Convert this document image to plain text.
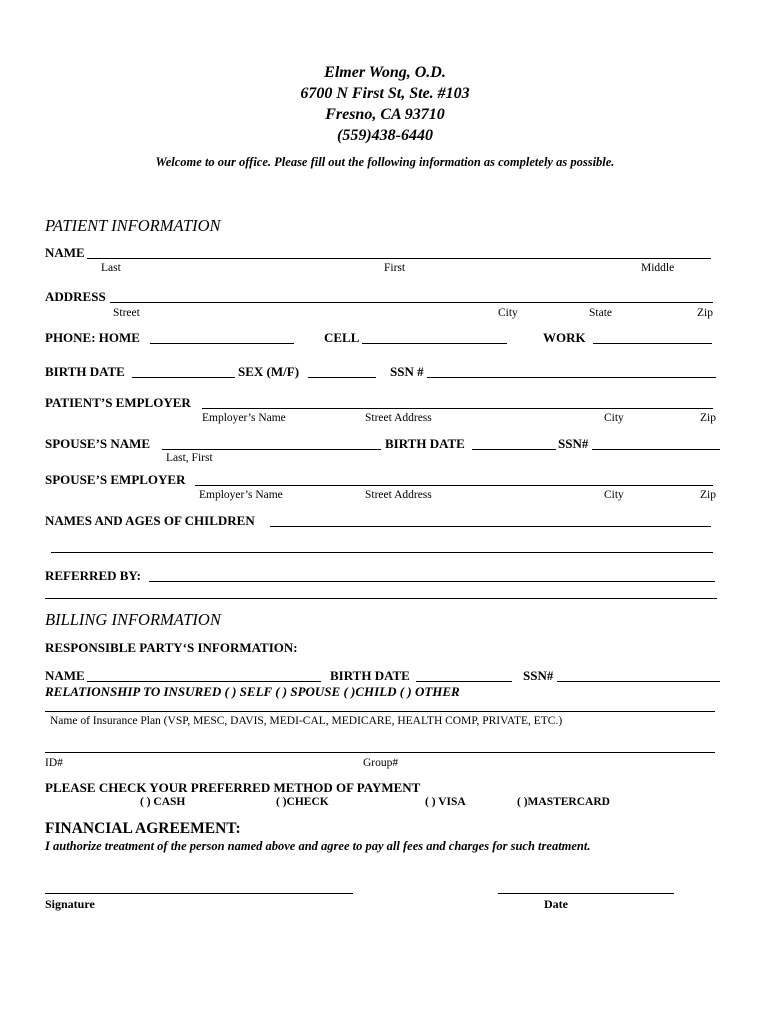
Elmer Wong, O.D.
6700 N First St, Ste. #103
Fresno, CA 93710
(559)438-6440
Welcome to our office. Please fill out the following information as completely as possible.
PATIENT INFORMATION
NAME
Last	First	Middle
ADDRESS
Street	City	State	Zip
PHONE: HOME	CELL	WORK
BIRTH DATE	SEX (M/F)	SSN #
PATIENT’S EMPLOYER
Employer’s Name	Street Address	City	Zip
SPOUSE’S NAME	BIRTH DATE	SSN#
Last, First
SPOUSE’S EMPLOYER
Employer’s Name	Street Address	City	Zip
NAMES AND AGES OF CHILDREN
REFERRED BY:
BILLING INFORMATION
RESPONSIBLE PARTY‘S INFORMATION:
NAME	BIRTH DATE	SSN#
RELATIONSHIP TO INSURED ( ) SELF ( ) SPOUSE ( )CHILD ( ) OTHER
Name of Insurance Plan (VSP, MESC, DAVIS, MEDI-CAL, MEDICARE, HEALTH COMP, PRIVATE, ETC.)
ID#	Group#
PLEASE CHECK YOUR PREFERRED METHOD OF PAYMENT
( ) CASH	( )CHECK	( ) VISA	( )MASTERCARD
FINANCIAL AGREEMENT:
I authorize treatment of the person named above and agree to pay all fees and charges for such treatment.
Signature	Date
